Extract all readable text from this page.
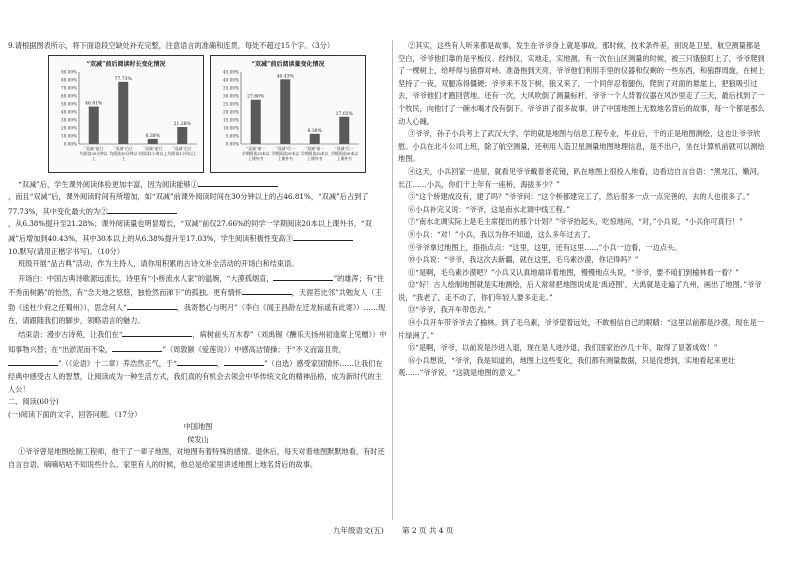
9.请根据图表所示，将下面语段空缺处补充完整，注意语言的准确和连贯，每处不超过15个字。（3分）

“双减”前后阅读时长变化情况
90.00%
80.00%
70.00%
60.00%
50.00%
40.00%
30.00%
20.00%
10.00%
0.00%
46.81%
“双减”前日
均阅读30分钟以
上
77.73%
“双减”后日
均阅读30分钟以
上
6.38%
“双减”前日
均阅读1小时以上
21.28%
“双减”后日
均阅读1小时以上
“双减”前后阅读量变化情况
45.00%
40.00%
35.00%
30.00%
25.00%
20.00%
15.00%
10.00%
5.00%
0.00%
27.66%
“双减”前一
学期阅读20本以
上课外书
40.43%
“双减”后一
学期阅读20本以
上课外书
6.38%
“双减”前一
学期阅读30本以
上课外书
17.03%
“双减”后一
学期阅读30本以
上课外书

“双减”后，学生课外阅读体验更加丰富，因为阅读能够①

，而且“双减”后，课外阅读时间有所增加，如“双减”前课外阅读时间在30分钟以上的占46.81%，“双减”后占到了77.73%，其中变化最大的为②

，从6.38%提升至21.28%；课外阅读量也明显增长，“双减”前仅27.66%的同学一学期阅读20本以上课外书，“双减”后增加到40.43%，其中30本以上的从6.38%提升至17.03%，学生阅读积极性变高③

10.默写(请用正楷字书写)。（10分）

班级开展“品古典”活动，作为主持人，请你用积累的古诗文补全活动的开场白和结束语。

开场白：中国古典诗歌源远流长，诗里有“小桥流水人家”的温婉，“大漠孤烟直，	”的雄浑；有“住不秀而树鹅”的怡然，有“念天地之悠悠，独怆然而涕下”的孤独。更有情怀	，天涯若比邻”共勉友人（王勃《送杜少府之任蜀州》），思念何人“	，我寄愁心与明月”（李白《闻王昌龄左迁龙标遥有此寄》）……现在，请跟随我们的脚步，领略语言的魅力。

结束语：漫步古诗苑，让我们在“	，病树前头万木春”（刘禹锡《酬乐天扬州初逢席上见赠》）中知事物兴替；在“出淤泥而不染，	”（周敦颐《爱莲说》）中感高洁情操；于“不义而富且贵，”（《论语》十二章）养浩然正气，于“	，	”（自选）感受家国情怀……让我们在经典中感受古人的智慧，让阅读成为一种生活方式，我们真的有机会去领会中华传统文化的精神品格，成为新时代的主人公！

二、阅读(60分)

(一)阅读下面的文字，回答问题。（17分）

中国地图

侯发山

①爷爷曾是地图绘制工程师，他干了一辈子地图，对地图有着特殊的感情。退休后，每天对着地图默默地看，有时还自言自语，嘀嘀咕咕不知说些什么。家里有人的时候，他总是给家里讲述地图上地名背后的故事。

②其实，这些有人听来都是故事，发生在爷爷身上就是事故。那时候，技术条件差，别说是卫星，航空测量都是空白，爷爷他们靠的是平板仪、经纬仪，实地走，实地测。有一次在山区测量的时候，被三只饿狼盯上了，爷爷爬到了一棵树上，给呼得与狼群对峙。准备拖到天亮，爷爷他们利用手里的仪器和仅剩的一些东西，和狼群周旋，在树上坚持了一夜，双腿冻得僵硬；爷爷来不及下树，狼又来了，一个同伴忍着腿伤，爬到了对面的悬崖上，把狼吸引过去，爷爷他们才跑回营地。还有一次，大风吹倒了测量标杆，爷爷一个人背着仪器在风沙里走了三天，最后找到了一个牧民，向他讨了一碗水喝才没有倒下。爷爷讲了很多故事，讲了中国地图上无数地名背后的故事，每一个都是那么动人心魄。

③爷爷，孙子小兵考上了武汉大学，学的就是地图与信息工程专业，毕业后，干的正是地图测绘，这也让爷爷欣慰。小兵在北斗公司上班，除了航空测量，还利用人造卫星测量地图地理信息，是不出户，坐在计算机前就可以测绘地图。

④这天，小兵回家一进屋，就看见爷爷戴着老花镜，趴在地图上很投入地看，边看边自言自语：“黑龙江，嫩河，长江……小兵，你们干上年有一座桥，海拔多少？”

⑤“这个桥建成没有，建了吗？”爷爷问：“这个桥都建完工了，然后很多一点一点完善的，去的人也很多了。”

⑥小兵补完又说：“爷爷，这是南水北调中线工程。”

⑦“南水北调实际上是毛主席提出的那个计划？”爷爷抬起头，吃惊地问，“对，”小兵说，“小兵你可真行！”

⑧小兵：“对！”小兵，我以为你不知道，这么多年过去了。

⑨爷爷拿过地图上，指指点点：“这里，这里，还有这里……”小兵一边看，一边点头。

⑩小兵说：“爷爷，我这次去新疆，就在这里，毛乌素沙漠，你记得吗？”

⑪“是啊，毛乌素沙漠吧？”小兵又认真地端详着地图，慢慢地点头说，“爷爷，要不咱们到榆林看一看？”

⑫“好！古人绘制地图就是实地测绘，后人常常把地图说成是‘禹迹图’，大禹就是走遍了九州，画出了地图。”爷爷说，“我老了，走不动了，你们年轻人要多走走。”

⑬“爷爷，我开车带您去。”

⑭小兵开车带爷爷去了榆林。到了毛乌素，爷爷望着远处，不敢相信自己的眼睛：“这里以前都是沙漠，现在是一片绿洲了。”

⑮“是啊，爷爷，以前说是沙进人退，现在是人进沙退，我们国家治沙几十年，取得了显著成效！”

⑯小兵想说，“爷爷，我是知道的，地图上这些变化，我们都有测量数据，只是没想到，实地看起来更壮观……”爷爷说，“这就是地图的意义。”

九年级语文(五) 第 2 页 共 4 页
